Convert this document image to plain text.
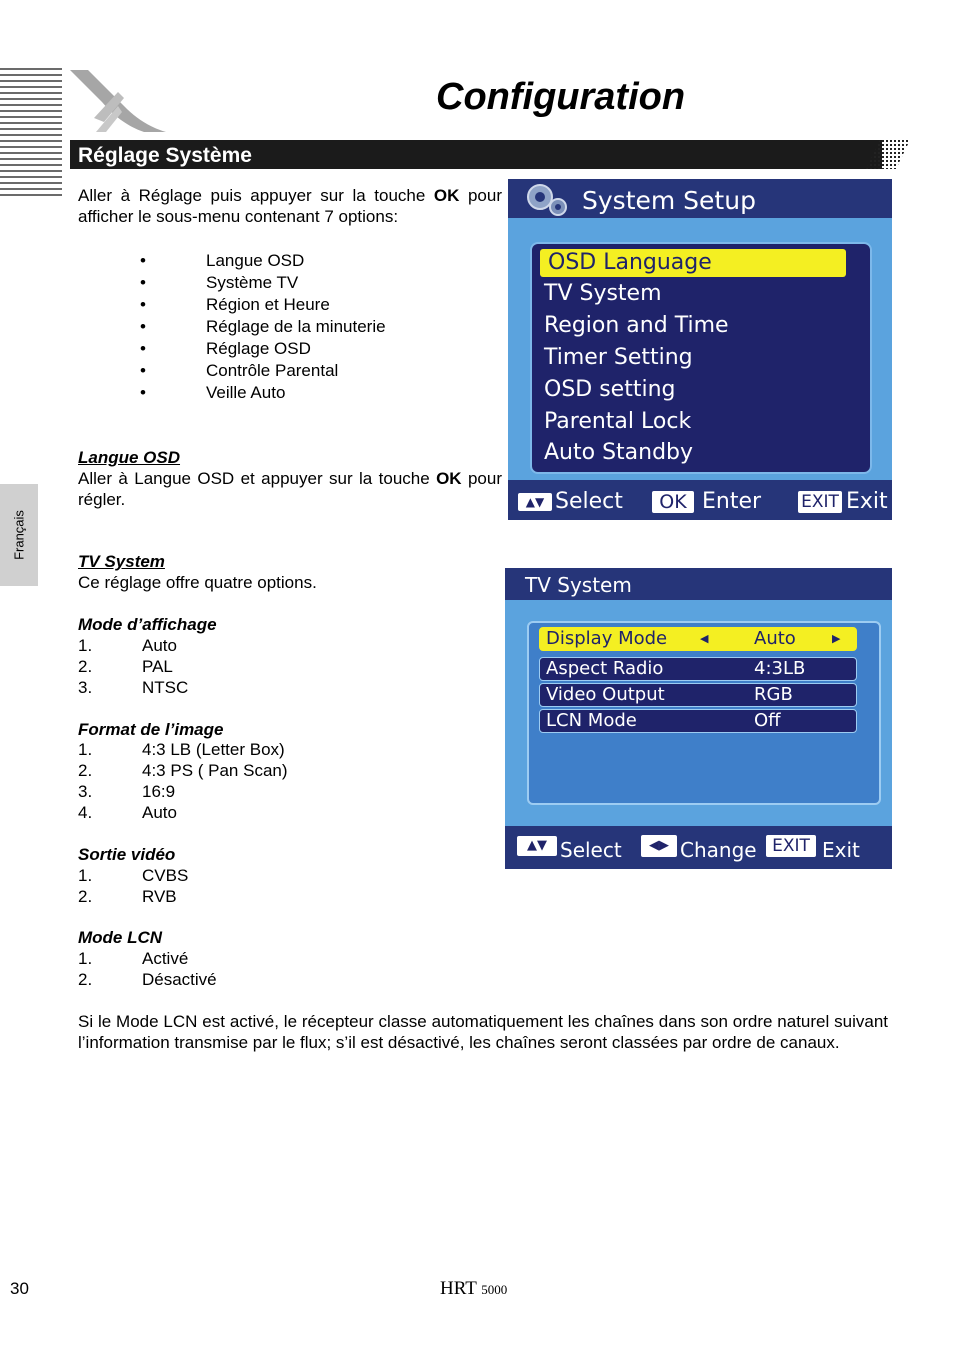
Configuration
Réglage Système
Français
Aller à Réglage puis appuyer sur la touche OK pour afficher le sous-menu contenant 7 options:
• Langue OSD
• Système TV
• Région et Heure
• Réglage de la minuterie
• Réglage OSD
• Contrôle Parental
• Veille Auto
Langue OSD
Aller à Langue OSD et appuyer sur la touche OK pour régler.
TV System
Ce réglage offre quatre options.
Mode d’affichage
1.	Auto
2.	PAL
3.	NTSC
Format de l’image
1.	4:3 LB (Letter Box)
2.	4:3 PS ( Pan Scan)
3.	16:9
4.	Auto
Sortie vidéo
1.	CVBS
2.	RVB
Mode LCN
1.	Activé
2.	Désactivé
Si le Mode LCN est activé, le récepteur classe automatiquement les chaînes dans son ordre naturel suivant l’information transmise par le flux; s’il est désactivé, les chaînes seront classées par ordre de canaux.
System Setup
OSD Language
TV System
Region and Time
Timer Setting
OSD setting
Parental Lock
Auto Standby
▲▼ Select	OK Enter EXIT Exit
TV System
Display Mode	◀	Auto	▶
Aspect Radio	4:3LB
Video Output	RGB
LCN Mode	Off
▲▼ Select	◀▶ Change EXIT Exit
30	HRT 5000
